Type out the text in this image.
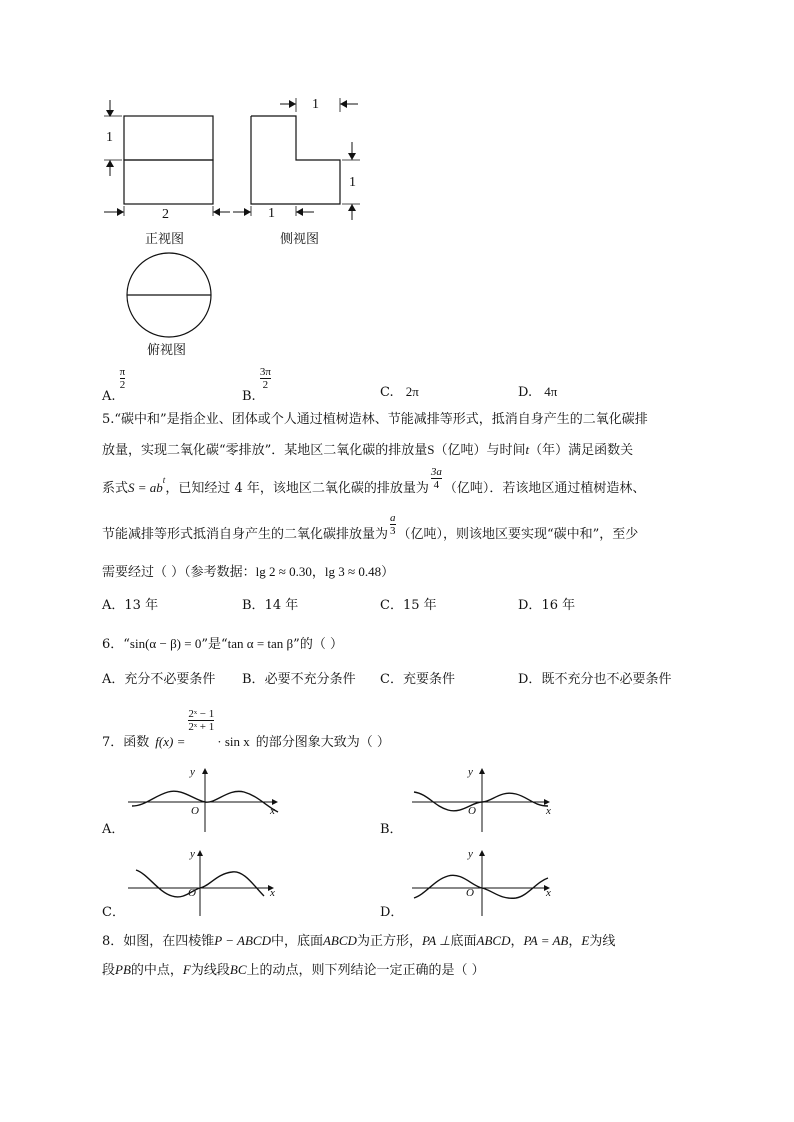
1
2
正视图
1
1
1
侧视图
俯视图
A.
$\frac{\pi}{2}$
B.
$\frac{3\pi}{2}$
C. 2π	D. 4π
5.“碳中和”是指企业、团体或个人通过植树造林、节能减排等形式，抵消自身产生的二氧化碳排
放量，实现二氧化碳“零排放”．某地区二氧化碳的排放量S（亿吨）与时间t（年）满足函数关
系式$S = ab^t$，已知经过 4 年，该地区二氧化碳的排放量为 $\frac{3a}{4}$ （亿吨）．若该地区通过植树造林、
节能减排等形式抵消自身产生的二氧化碳排放量为 $\frac{a}{3}$ （亿吨），则该地区要实现“碳中和”，至少
需要经过（ ）（参考数据：lg 2 ≈ 0.30，lg 3 ≈ 0.48）
A．13 年	B．14 年	C．15 年	D．16 年
6．“sin(α − β) = 0”是“tan α = tan β”的（ ）
A．充分不必要条件 B．必要不充分条件 C．充要条件	D．既不充分也不必要条件
7．函数 f(x) =
$\frac{\text{2ˣ − 1}}{\text{2ˣ + 1}}$
· sin x 的部分图象大致为（ ）
y
x
O
A．
y
x
O
B．
y
x
O
C．
y
x
O
D．
8．如图，在四棱锥P − ABCD中，底面ABCD为正方形，PA ⊥底面ABCD，PA = AB，E为线
段PB的中点，F为线段BC上的动点，则下列结论一定正确的是（ ）
